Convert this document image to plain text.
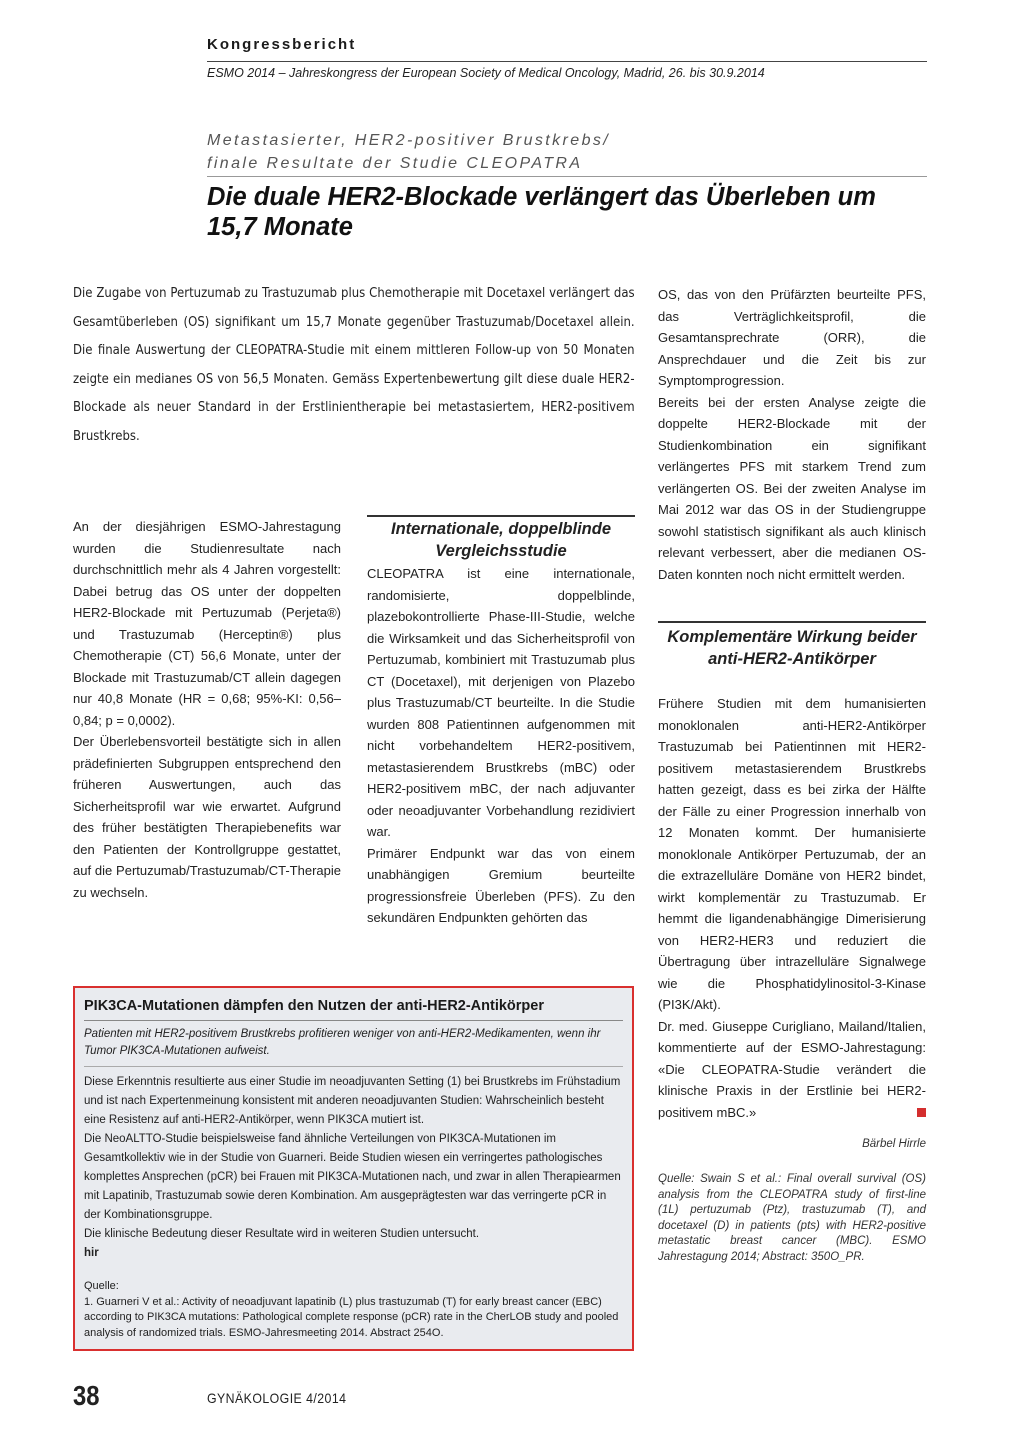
Kongressbericht
ESMO 2014 – Jahreskongress der European Society of Medical Oncology, Madrid, 26. bis 30.9.2014
Metastasierter, HER2-positiver Brustkrebs/
finale Resultate der Studie CLEOPATRA
Die duale HER2-Blockade verlängert das Überleben um 15,7 Monate
Die Zugabe von Pertuzumab zu Trastuzumab plus Chemotherapie mit Docetaxel verlängert das Gesamtüberleben (OS) signifikant um 15,7 Monate gegenüber Trastuzumab/Docetaxel allein. Die finale Auswertung der CLEOPATRA-Studie mit einem mittleren Follow-up von 50 Monaten zeigte ein medianes OS von 56,5 Monaten. Gemäss Expertenbewertung gilt diese duale HER2-Blockade als neuer Standard in der Erstlinientherapie bei metastasiertem, HER2-positivem Brustkrebs.

An der diesjährigen ESMO-Jahrestagung wurden die Studienresultate nach durchschnittlich mehr als 4 Jahren vorgestellt: Dabei betrug das OS unter der doppelten HER2-Blockade mit Pertuzumab (Perjeta®) und Trastuzumab (Herceptin®) plus Chemotherapie (CT) 56,6 Monate, unter der Blockade mit Trastuzumab/CT allein dagegen nur 40,8 Monate (HR = 0,68; 95%-KI: 0,56–0,84; p = 0,0002).

Der Überlebensvorteil bestätigte sich in allen prädefinierten Subgruppen entsprechend den früheren Auswertungen, auch das Sicherheitsprofil war wie erwartet. Aufgrund des früher bestätigten Therapiebenefits war den Patienten der Kontrollgruppe gestattet, auf die Pertuzumab/Trastuzumab/CT-Therapie zu wechseln.

Internationale, doppelblinde Vergleichsstudie

CLEOPATRA ist eine internationale, randomisierte, doppelblinde, plazebokontrollierte Phase-III-Studie, welche die Wirksamkeit und das Sicherheitsprofil von Pertuzumab, kombiniert mit Trastuzumab plus CT (Docetaxel), mit derjenigen von Plazebo plus Trastuzumab/CT beurteilte. In die Studie wurden 808 Patientinnen aufgenommen mit nicht vorbehandeltem HER2-positivem, metastasierendem Brustkrebs (mBC) oder HER2-positivem mBC, der nach adjuvanter oder neoadjuvanter Vorbehandlung rezidiviert war.

Primärer Endpunkt war das von einem unabhängigen Gremium beurteilte progressionsfreie Überleben (PFS). Zu den sekundären Endpunkten gehörten das

OS, das von den Prüfärzten beurteilte PFS, das Verträglichkeitsprofil, die Gesamtansprechrate (ORR), die Ansprechdauer und die Zeit bis zur Symptomprogression.

Bereits bei der ersten Analyse zeigte die doppelte HER2-Blockade mit der Studienkombination ein signifikant verlängertes PFS mit starkem Trend zum verlängerten OS. Bei der zweiten Analyse im Mai 2012 war das OS in der Studiengruppe sowohl statistisch signifikant als auch klinisch relevant verbessert, aber die medianen OS-Daten konnten noch nicht ermittelt werden.

Komplementäre Wirkung beider anti-HER2-Antikörper

Frühere Studien mit dem humanisierten monoklonalen anti-HER2-Antikörper Trastuzumab bei Patientinnen mit HER2-positivem metastasierendem Brustkrebs hatten gezeigt, dass es bei zirka der Hälfte der Fälle zu einer Progression innerhalb von 12 Monaten kommt. Der humanisierte monoklonale Antikörper Pertuzumab, der an die extrazelluläre Domäne von HER2 bindet, wirkt komplementär zu Trastuzumab. Er hemmt die ligandenabhängige Dimerisierung von HER2-HER3 und reduziert die Übertragung über intrazelluläre Signalwege wie die Phosphatidylinositol-3-Kinase (PI3K/Akt).

Dr. med. Giuseppe Curigliano, Mailand/Italien, kommentierte auf der ESMO-Jahrestagung: «Die CLEOPATRA-Studie verändert die klinische Praxis in der Erstlinie bei HER2-positivem mBC.»

Bärbel Hirrle
Quelle: Swain S et al.: Final overall survival (OS) analysis from the CLEOPATRA study of first-line (1L) pertuzumab (Ptz), trastuzumab (T), and docetaxel (D) in patients (pts) with HER2-positive metastatic breast cancer (MBC). ESMO Jahrestagung 2014; Abstract: 350O_PR.
PIK3CA-Mutationen dämpfen den Nutzen der anti-HER2-Antikörper
Patienten mit HER2-positivem Brustkrebs profitieren weniger von anti-HER2-Medikamenten, wenn ihr Tumor PIK3CA-Mutationen aufweist.

Diese Erkenntnis resultierte aus einer Studie im neoadjuvanten Setting (1) bei Brustkrebs im Frühstadium und ist nach Expertenmeinung konsistent mit anderen neoadjuvanten Studien: Wahrscheinlich besteht eine Resistenz auf anti-HER2-Antikörper, wenn PIK3CA mutiert ist.

Die NeoALTTO-Studie beispielsweise fand ähnliche Verteilungen von PIK3CA-Mutationen im Gesamtkollektiv wie in der Studie von Guarneri. Beide Studien wiesen ein verringertes pathologisches komplettes Ansprechen (pCR) bei Frauen mit PIK3CA-Mutationen nach, und zwar in allen Therapiearmen mit Lapatinib, Trastuzumab sowie deren Kombination. Am ausgeprägtesten war das verringerte pCR in der Kombinationsgruppe.

Die klinische Bedeutung dieser Resultate wird in weiteren Studien untersucht.

hir

Quelle:
1. Guarneri V et al.: Activity of neoadjuvant lapatinib (L) plus trastuzumab (T) for early breast cancer (EBC) according to PIK3CA mutations: Pathological complete response (pCR) rate in the CherLOB study and pooled analysis of randomized trials. ESMO-Jahresmeeting 2014. Abstract 254O.
38	GYNÄKOLOGIE 4/2014
